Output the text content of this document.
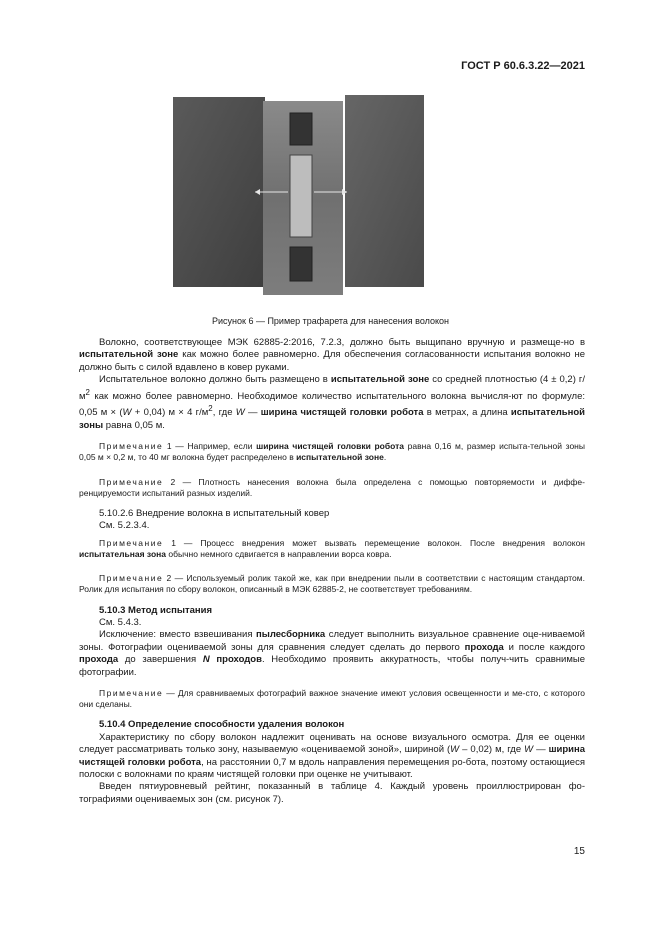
ГОСТ Р 60.6.3.22—2021
Рисунок 6 — Пример трафарета для нанесения волокон

Волокно, соответствующее МЭК 62885-2:2016, 7.2.3, должно быть выщипано вручную и размеще-но в испытательной зоне как можно более равномерно. Для обеспечения согласованности испытания волокно не должно быть с силой вдавлено в ковер руками.

Испытательное волокно должно быть размещено в испытательной зоне со средней плотностью (4 ± 0,2) $г/м^2$ как можно более равномерно. Необходимое количество испытательного волокна вычисля-ют по формуле: 0,05 м × (W + 0,04) м × 4 $г/м^2$, где W — ширина чистящей головки робота в метрах, а длина испытательной зоны равна 0,05 м.

Примечание 1 — Например, если ширина чистящей головки робота равна 0,16 м, размер испыта-тельной зоны 0,05 м × 0,2 м, то 40 мг волокна будет распределено в испытательной зоне.

Примечание 2 — Плотность нанесения волокна была определена с помощью повторяемости и диффе-ренцируемости испытаний разных изделий.

5.10.2.6 Внедрение волокна в испытательный ковер

См. 5.2.3.4.

Примечание 1 — Процесс внедрения может вызвать перемещение волокон. После внедрения волокон испытательная зона обычно немного сдвигается в направлении ворса ковра.

Примечание 2 — Используемый ролик такой же, как при внедрении пыли в соответствии с настоящим стандартом. Ролик для испытания по сбору волокон, описанный в МЭК 62885-2, не соответствует требованиям.

5.10.3 Метод испытания

См. 5.4.3.

Исключение: вместо взвешивания пылесборника следует выполнить визуальное сравнение оце-ниваемой зоны. Фотографии оцениваемой зоны для сравнения следует сделать до первого прохода и после каждого прохода до завершения N проходов. Необходимо проявить аккуратность, чтобы получ-чить сравнимые фотографии.

Примечание — Для сравниваемых фотографий важное значение имеют условия освещенности и ме-сто, с которого они сделаны.

5.10.4 Определение способности удаления волокон

Характеристику по сбору волокон надлежит оценивать на основе визуального осмотра. Для ее оценки следует рассматривать только зону, называемую «оцениваемой зоной», шириной (W – 0,02) м, где W — ширина чистящей головки робота, на расстоянии 0,7 м вдоль направления перемещения ро-бота, поэтому остающиеся полоски с волокнами по краям чистящей головки при оценке не учитывают.

Введен пятиуровневый рейтинг, показанный в таблице 4. Каждый уровень проиллюстрирован фо-тографиями оцениваемых зон (см. рисунок 7).

15
